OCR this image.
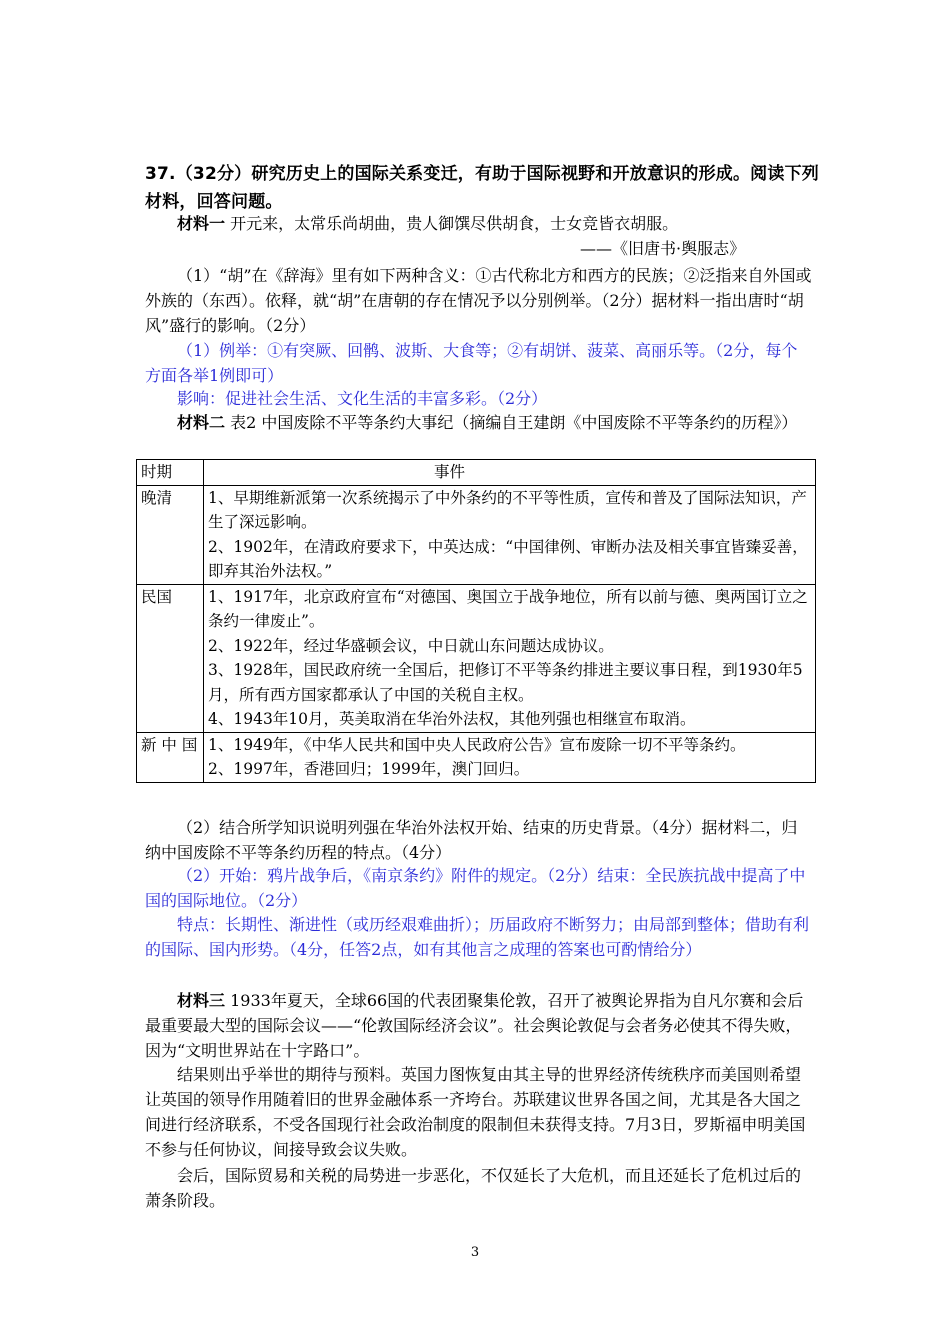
37.（32分）研究历史上的国际关系变迁，有助于国际视野和开放意识的形成。阅读下列材料，回答问题。

材料一 开元来，太常乐尚胡曲，贵人御馔尽供胡食，士女竞皆衣胡服。

——《旧唐书·舆服志》

（1）“胡”在《辞海》里有如下两种含义：①古代称北方和西方的民族；②泛指来自外国或外族的（东西）。依释，就“胡”在唐朝的存在情况予以分别例举。（2分）据材料一指出唐时“胡风”盛行的影响。（2分）

（1）例举：①有突厥、回鹘、波斯、大食等；②有胡饼、菠菜、高丽乐等。（2分，每个方面各举1例即可）

影响：促进社会生活、文化生活的丰富多彩。（2分）

材料二 表2 中国废除不平等条约大事纪（摘编自王建朗《中国废除不平等条约的历程》）

时期	事件
晚清	1、早期维新派第一次系统揭示了中外条约的不平等性质，宣传和普及了国际法知识，产生了深远影响。

2、1902年，在清政府要求下，中英达成：“中国律例、审断办法及相关事宜皆臻妥善，即弃其治外法权。”

民国	1、1917年，北京政府宣布“对德国、奥国立于战争地位，所有以前与德、奥两国订立之条约一律废止”。

2、1922年，经过华盛顿会议，中日就山东问题达成协议。

3、1928年，国民政府统一全国后，把修订不平等条约排进主要议事日程，到1930年5月，所有西方国家都承认了中国的关税自主权。

4、1943年10月，英美取消在华治外法权，其他列强也相继宣布取消。

新 中 国	1、1949年，《中华人民共和国中央人民政府公告》宣布废除一切不平等条约。

2、1997年，香港回归；1999年，澳门回归。

（2）结合所学知识说明列强在华治外法权开始、结束的历史背景。（4分）据材料二，归纳中国废除不平等条约历程的特点。（4分）

（2）开始：鸦片战争后，《南京条约》附件的规定。（2分）结束：全民族抗战中提高了中国的国际地位。（2分）

特点：长期性、渐进性（或历经艰难曲折）；历届政府不断努力；由局部到整体；借助有利的国际、国内形势。（4分，任答2点，如有其他言之成理的答案也可酌情给分）

材料三 1933年夏天，全球66国的代表团聚集伦敦，召开了被舆论界指为自凡尔赛和会后最重要最大型的国际会议——“伦敦国际经济会议”。社会舆论敦促与会者务必使其不得失败，因为“文明世界站在十字路口”。

结果则出乎举世的期待与预料。英国力图恢复由其主导的世界经济传统秩序而美国则希望让英国的领导作用随着旧的世界金融体系一齐垮台。苏联建议世界各国之间，尤其是各大国之间进行经济联系，不受各国现行社会政治制度的限制但未获得支持。7月3日，罗斯福申明美国不参与任何协议，间接导致会议失败。

会后，国际贸易和关税的局势进一步恶化，不仅延长了大危机，而且还延长了危机过后的萧条阶段。

3
